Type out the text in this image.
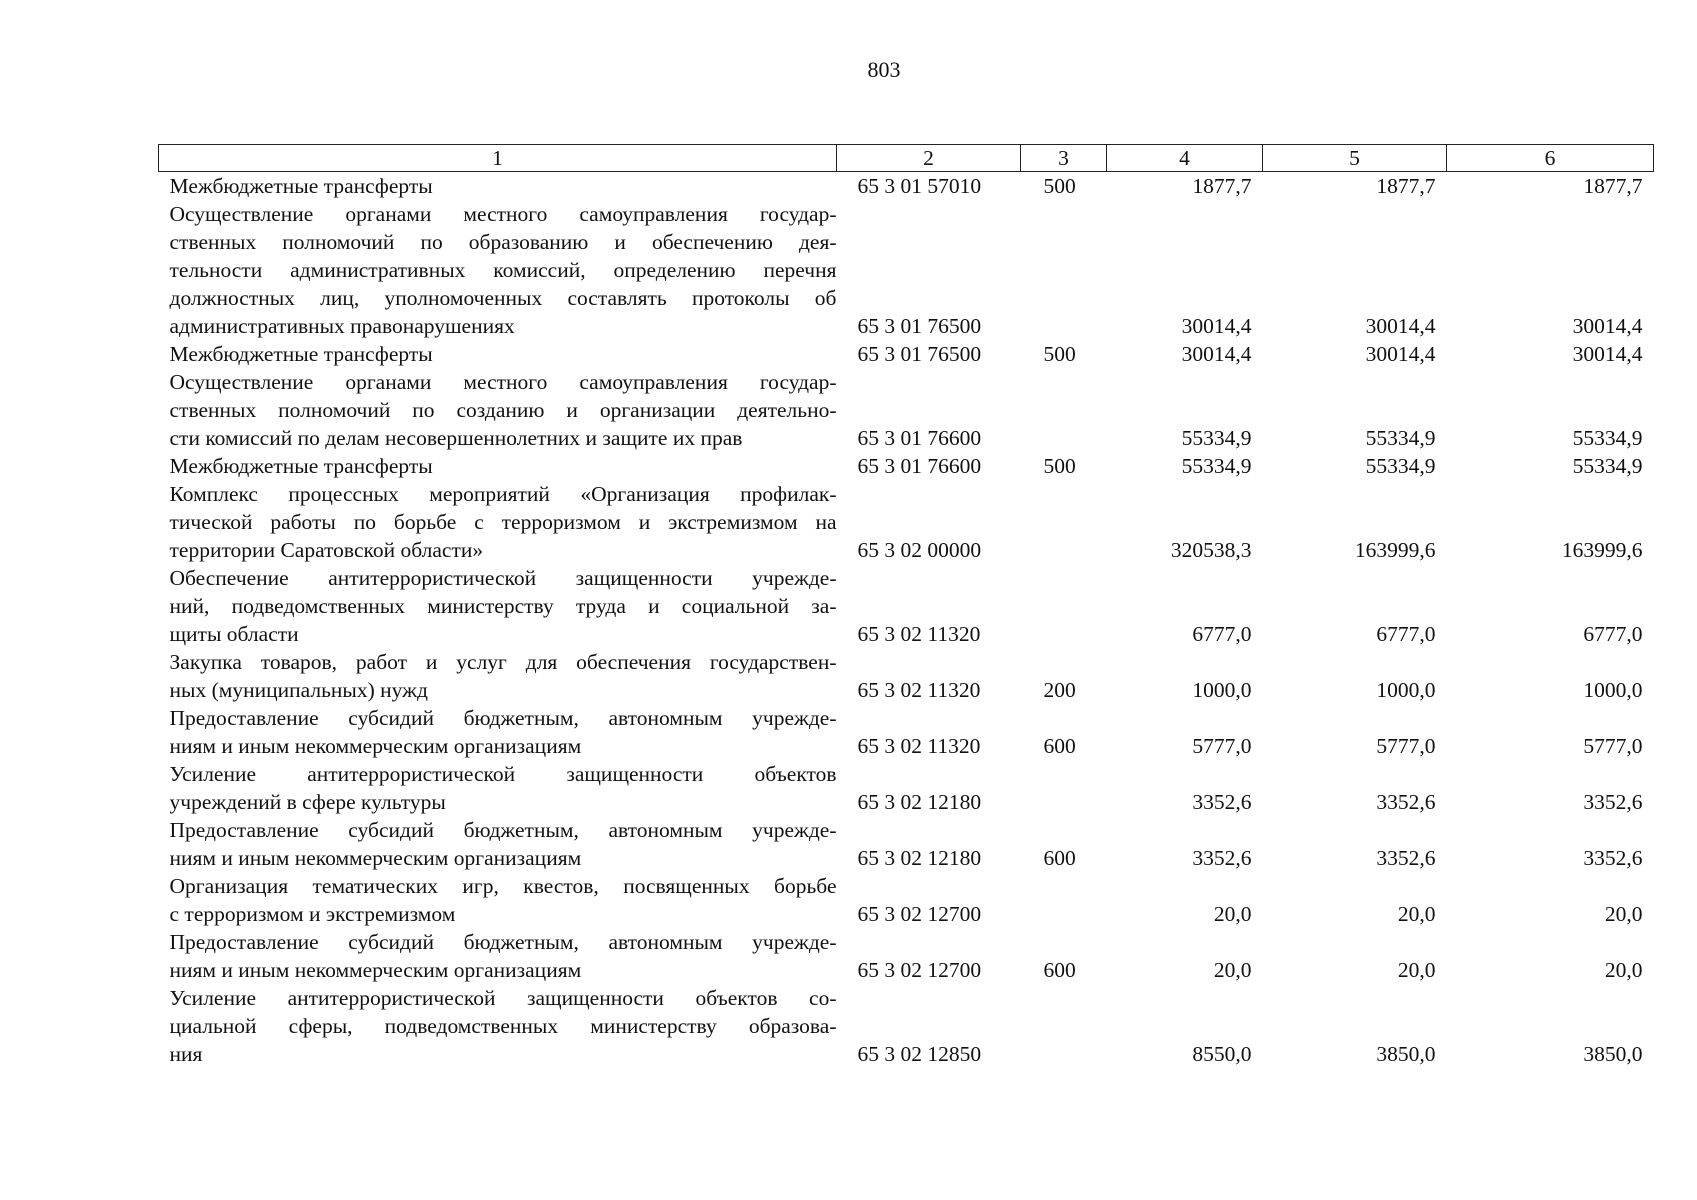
803
1	2	3	4	5	6

Межбюджетные трансферты	65 3 01 57010	500	1877,7	1877,7	1877,7

Осуществление органами местного самоуправления государ-
ственных полномочий по образованию и обеспечению дея-
тельности административных комиссий, определению перечня
должностных лиц, уполномоченных составлять протоколы об
административных правонарушениях	65 3 01 76500		30014,4	30014,4	30014,4

Межбюджетные трансферты	65 3 01 76500	500	30014,4	30014,4	30014,4

Осуществление органами местного самоуправления государ-
ственных полномочий по созданию и организации деятельно-
сти комиссий по делам несовершеннолетних и защите их прав	65 3 01 76600		55334,9	55334,9	55334,9

Межбюджетные трансферты	65 3 01 76600	500	55334,9	55334,9	55334,9

Комплекс процессных мероприятий «Организация профилак-
тической работы по борьбе с терроризмом и экстремизмом на
территории Саратовской области»	65 3 02 00000		320538,3	163999,6	163999,6

Обеспечение антитеррористической защищенности учрежде-
ний, подведомственных министерству труда и социальной за-
щиты области	65 3 02 11320		6777,0	6777,0	6777,0

Закупка товаров, работ и услуг для обеспечения государствен-
ных (муниципальных) нужд	65 3 02 11320	200	1000,0	1000,0	1000,0

Предоставление субсидий бюджетным, автономным учрежде-
ниям и иным некоммерческим организациям	65 3 02 11320	600	5777,0	5777,0	5777,0

Усиление антитеррористической защищенности объектов
учреждений в сфере культуры	65 3 02 12180		3352,6	3352,6	3352,6

Предоставление субсидий бюджетным, автономным учрежде-
ниям и иным некоммерческим организациям	65 3 02 12180	600	3352,6	3352,6	3352,6

Организация тематических игр, квестов, посвященных борьбе
с терроризмом и экстремизмом	65 3 02 12700		20,0	20,0	20,0

Предоставление субсидий бюджетным, автономным учрежде-
ниям и иным некоммерческим организациям	65 3 02 12700	600	20,0	20,0	20,0

Усиление антитеррористической защищенности объектов со-
циальной сферы, подведомственных министерству образова-
ния	65 3 02 12850		8550,0	3850,0	3850,0
